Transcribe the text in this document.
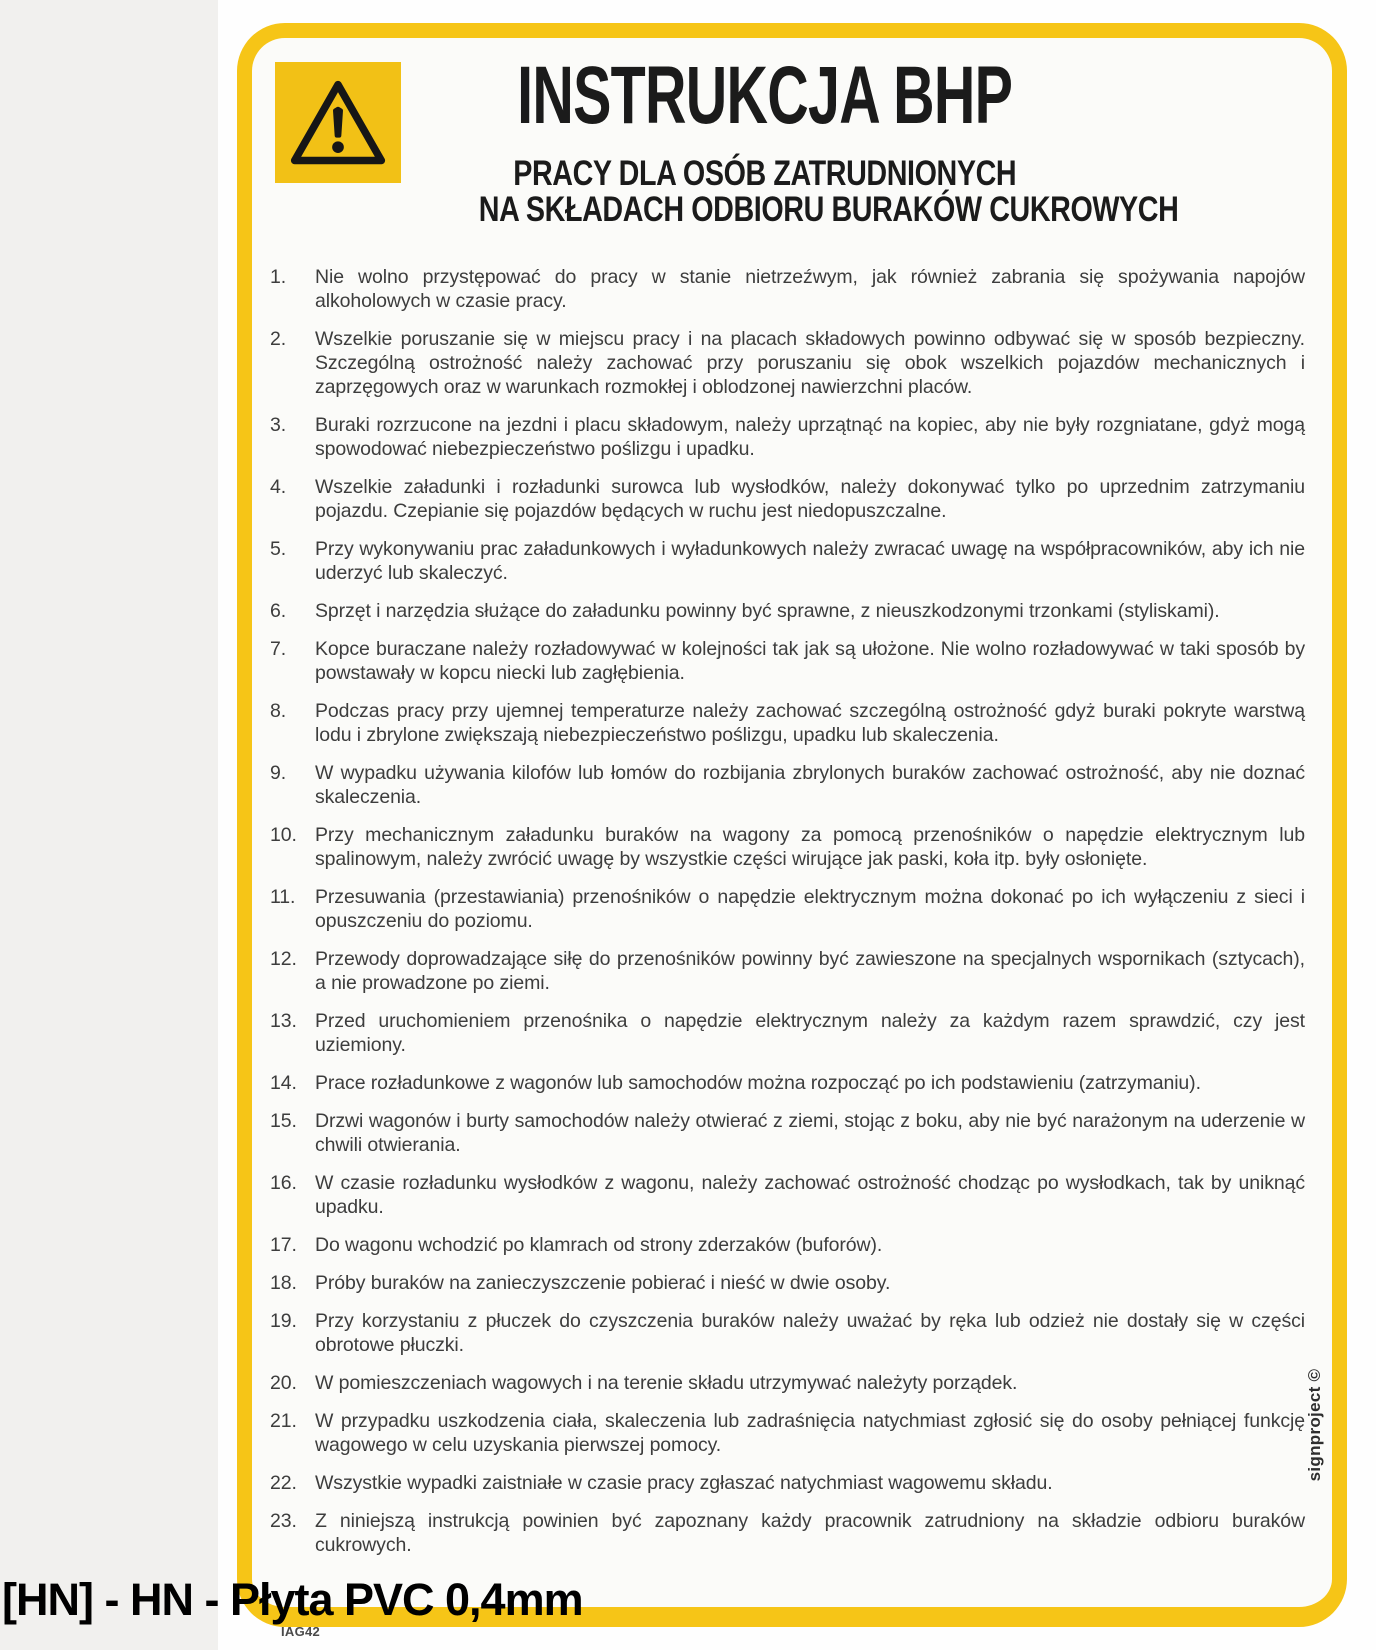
INSTRUKCJA BHP
PRACY DLA OSÓB ZATRUDNIONYCH
NA SKŁADACH ODBIORU BURAKÓW CUKROWYCH
1.	Nie wolno przystępować do pracy w stanie nietrzeźwym, jak również zabrania się spożywania napojów alkoholowych w czasie pracy.
2.	Wszelkie poruszanie się w miejscu pracy i na placach składowych powinno odbywać się w sposób bezpieczny. Szczególną ostrożność należy zachować przy poruszaniu się obok wszelkich pojazdów mechanicznych i zaprzęgowych oraz w warunkach rozmokłej i oblodzonej nawierzchni placów.
3.	Buraki rozrzucone na jezdni i placu składowym, należy uprzątnąć na kopiec, aby nie były rozgniatane, gdyż mogą spowodować niebezpieczeństwo poślizgu i upadku.
4.	Wszelkie załadunki i rozładunki surowca lub wysłodków, należy dokonywać tylko po uprzednim zatrzymaniu pojazdu. Czepianie się pojazdów będących w ruchu jest niedopuszczalne.
5.	Przy wykonywaniu prac załadunkowych i wyładunkowych należy zwracać uwagę na współpracowników, aby ich nie uderzyć lub skaleczyć.
6.	Sprzęt i narzędzia służące do załadunku powinny być sprawne, z nieuszkodzonymi trzonkami (styliskami).
7.	Kopce buraczane należy rozładowywać w kolejności tak jak są ułożone. Nie wolno rozładowywać w taki sposób by powstawały w kopcu niecki lub zagłębienia.
8.	Podczas pracy przy ujemnej temperaturze należy zachować szczególną ostrożność gdyż buraki pokryte warstwą lodu i zbrylone zwiększają niebezpieczeństwo poślizgu, upadku lub skaleczenia.
9.	W wypadku używania kilofów lub łomów do rozbijania zbrylonych buraków zachować ostrożność, aby nie doznać skaleczenia.
10. Przy mechanicznym załadunku buraków na wagony za pomocą przenośników o napędzie elektrycznym lub spalinowym, należy zwrócić uwagę by wszystkie części wirujące jak paski, koła itp. były osłonięte.
11.	Przesuwania (przestawiania) przenośników o napędzie elektrycznym można dokonać po ich wyłączeniu z sieci i opuszczeniu do poziomu.
12. Przewody doprowadzające siłę do przenośników powinny być zawieszone na specjalnych wspornikach (sztycach), a nie prowadzone po ziemi.
13. Przed uruchomieniem przenośnika o napędzie elektrycznym należy za każdym razem sprawdzić, czy jest uziemiony.
14. Prace rozładunkowe z wagonów lub samochodów można rozpocząć po ich podstawieniu (zatrzymaniu).
15. Drzwi wagonów i burty samochodów należy otwierać z ziemi, stojąc z boku, aby nie być narażonym na uderzenie w chwili otwierania.
16. W czasie rozładunku wysłodków z wagonu, należy zachować ostrożność chodząc po wysłodkach, tak by uniknąć upadku.
17. Do wagonu wchodzić po klamrach od strony zderzaków (buforów).
18. Próby buraków na zanieczyszczenie pobierać i nieść w dwie osoby.
19. Przy korzystaniu z płuczek do czyszczenia buraków należy uważać by ręka lub odzież nie dostały się w części obrotowe płuczki.
20. W pomieszczeniach wagowych i na terenie składu utrzymywać należyty porządek.
21. W przypadku uszkodzenia ciała, skaleczenia lub zadraśnięcia natychmiast zgłosić się do osoby pełniącej funkcję wagowego w celu uzyskania pierwszej pomocy.
22. Wszystkie wypadki zaistniałe w czasie pracy zgłaszać natychmiast wagowemu składu.
23. Z niniejszą instrukcją powinien być zapoznany każdy pracownik zatrudniony na składzie odbioru buraków cukrowych.
signproject ©
[HN] - HN - Płyta PVC 0,4mm
IAG42
